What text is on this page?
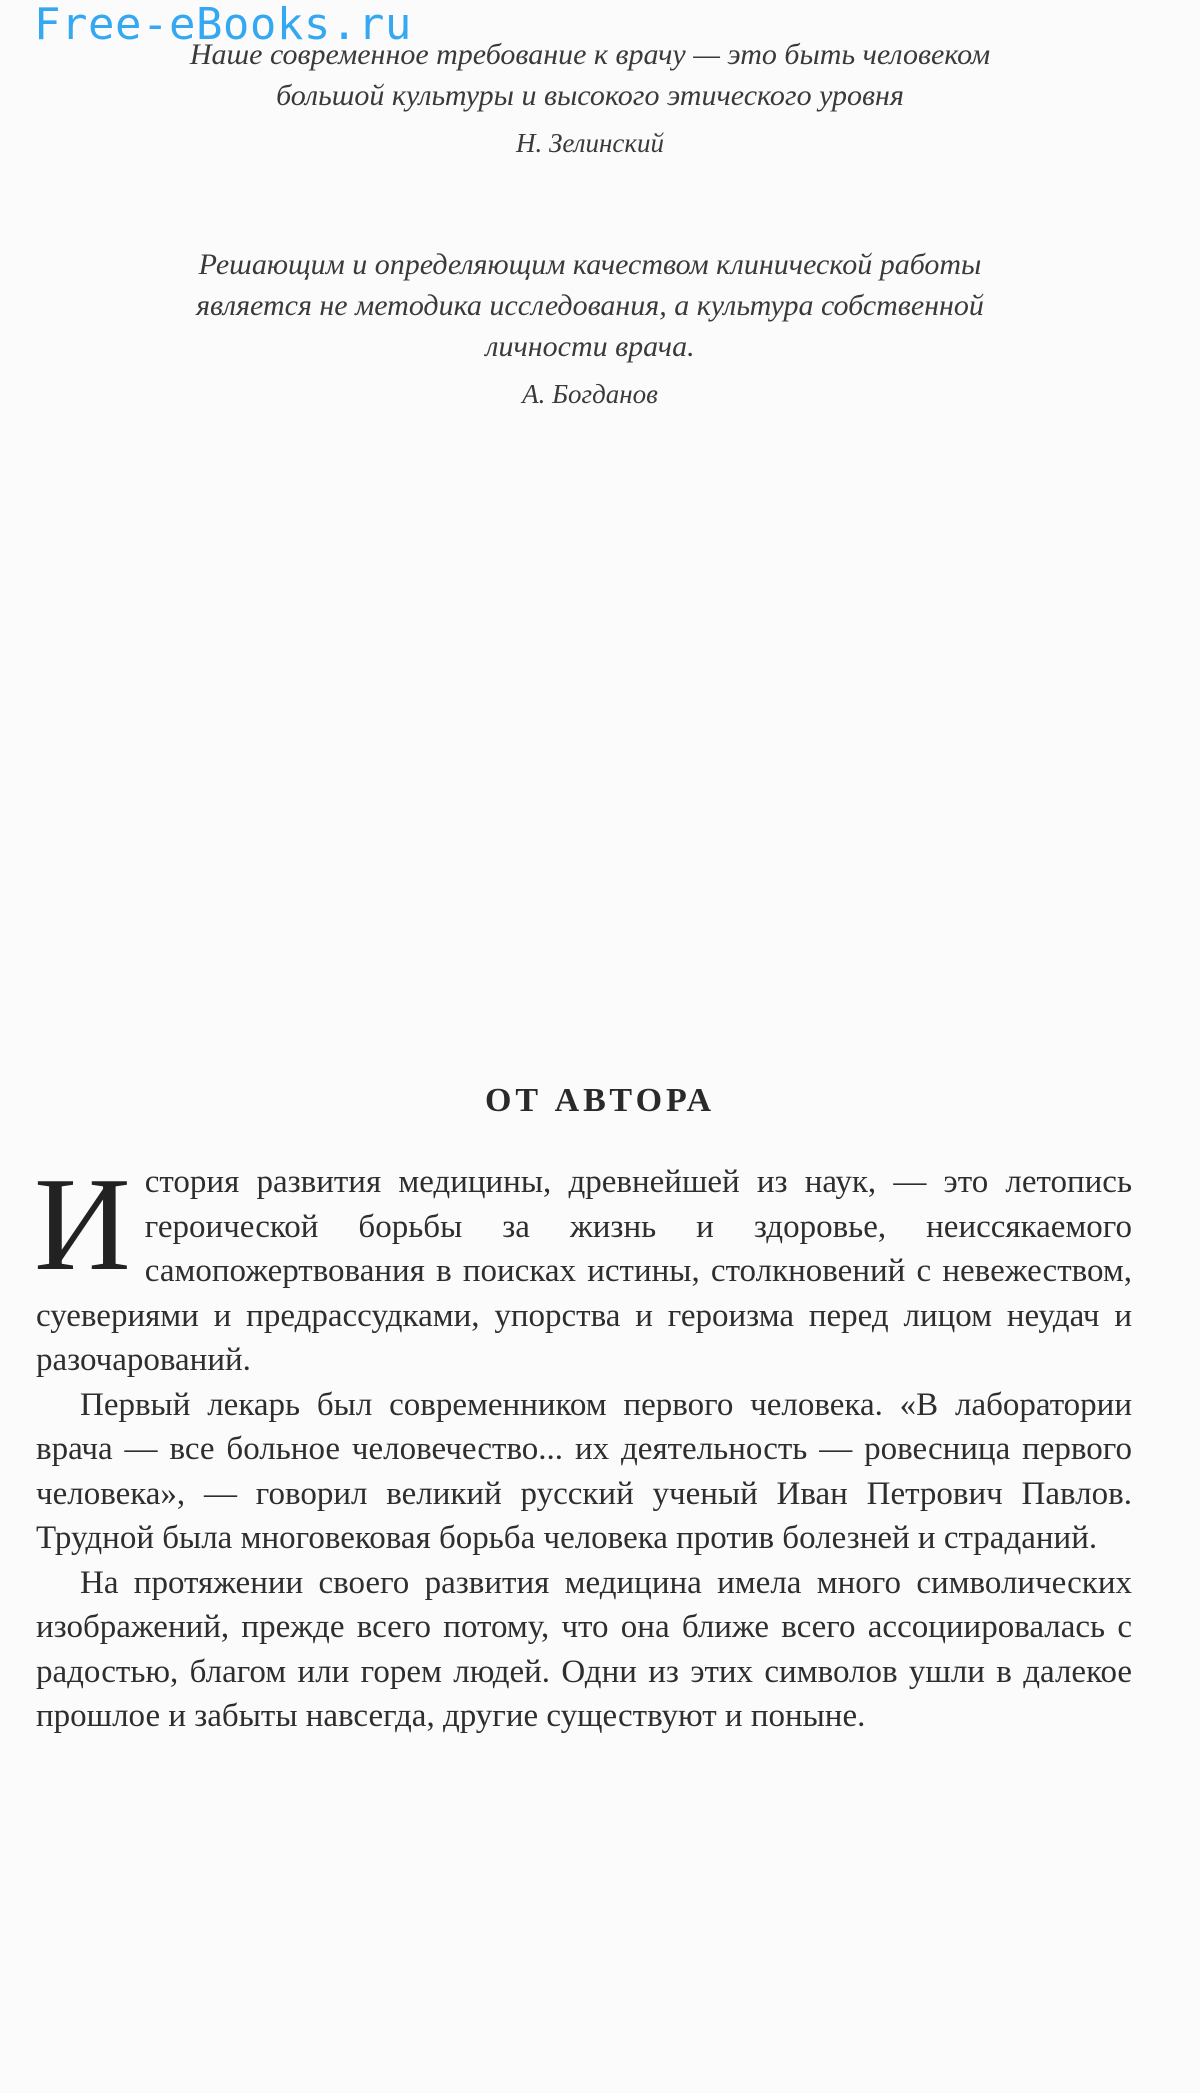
Free-eBooks.ru

Наше современное требование к врачу — это быть человеком большой культуры и высокого этического уровня

Н. Зелинский

Решающим и определяющим качеством клинической работы является не методика исследования, а культура собственной личности врача.

А. Богданов

ОТ АВТОРА

История развития медицины, древнейшей из наук, — это летопись героической борьбы за жизнь и здоровье, неиссякаемого самопожертвования в поисках истины, столкновений с невежеством, суевериями и предрассудками, упорства и героизма перед лицом неудач и разочарований.

Первый лекарь был современником первого человека. «В лаборатории врача — все больное человечество... их деятельность — ровесница первого человека», — говорил великий русский ученый Иван Петрович Павлов. Трудной была многовековая борьба человека против болезней и страданий.

На протяжении своего развития медицина имела много символических изображений, прежде всего потому, что она ближе всего ассоциировалась с радостью, благом или горем людей. Одни из этих символов ушли в далекое прошлое и забыты навсегда, другие существуют и поныне.
